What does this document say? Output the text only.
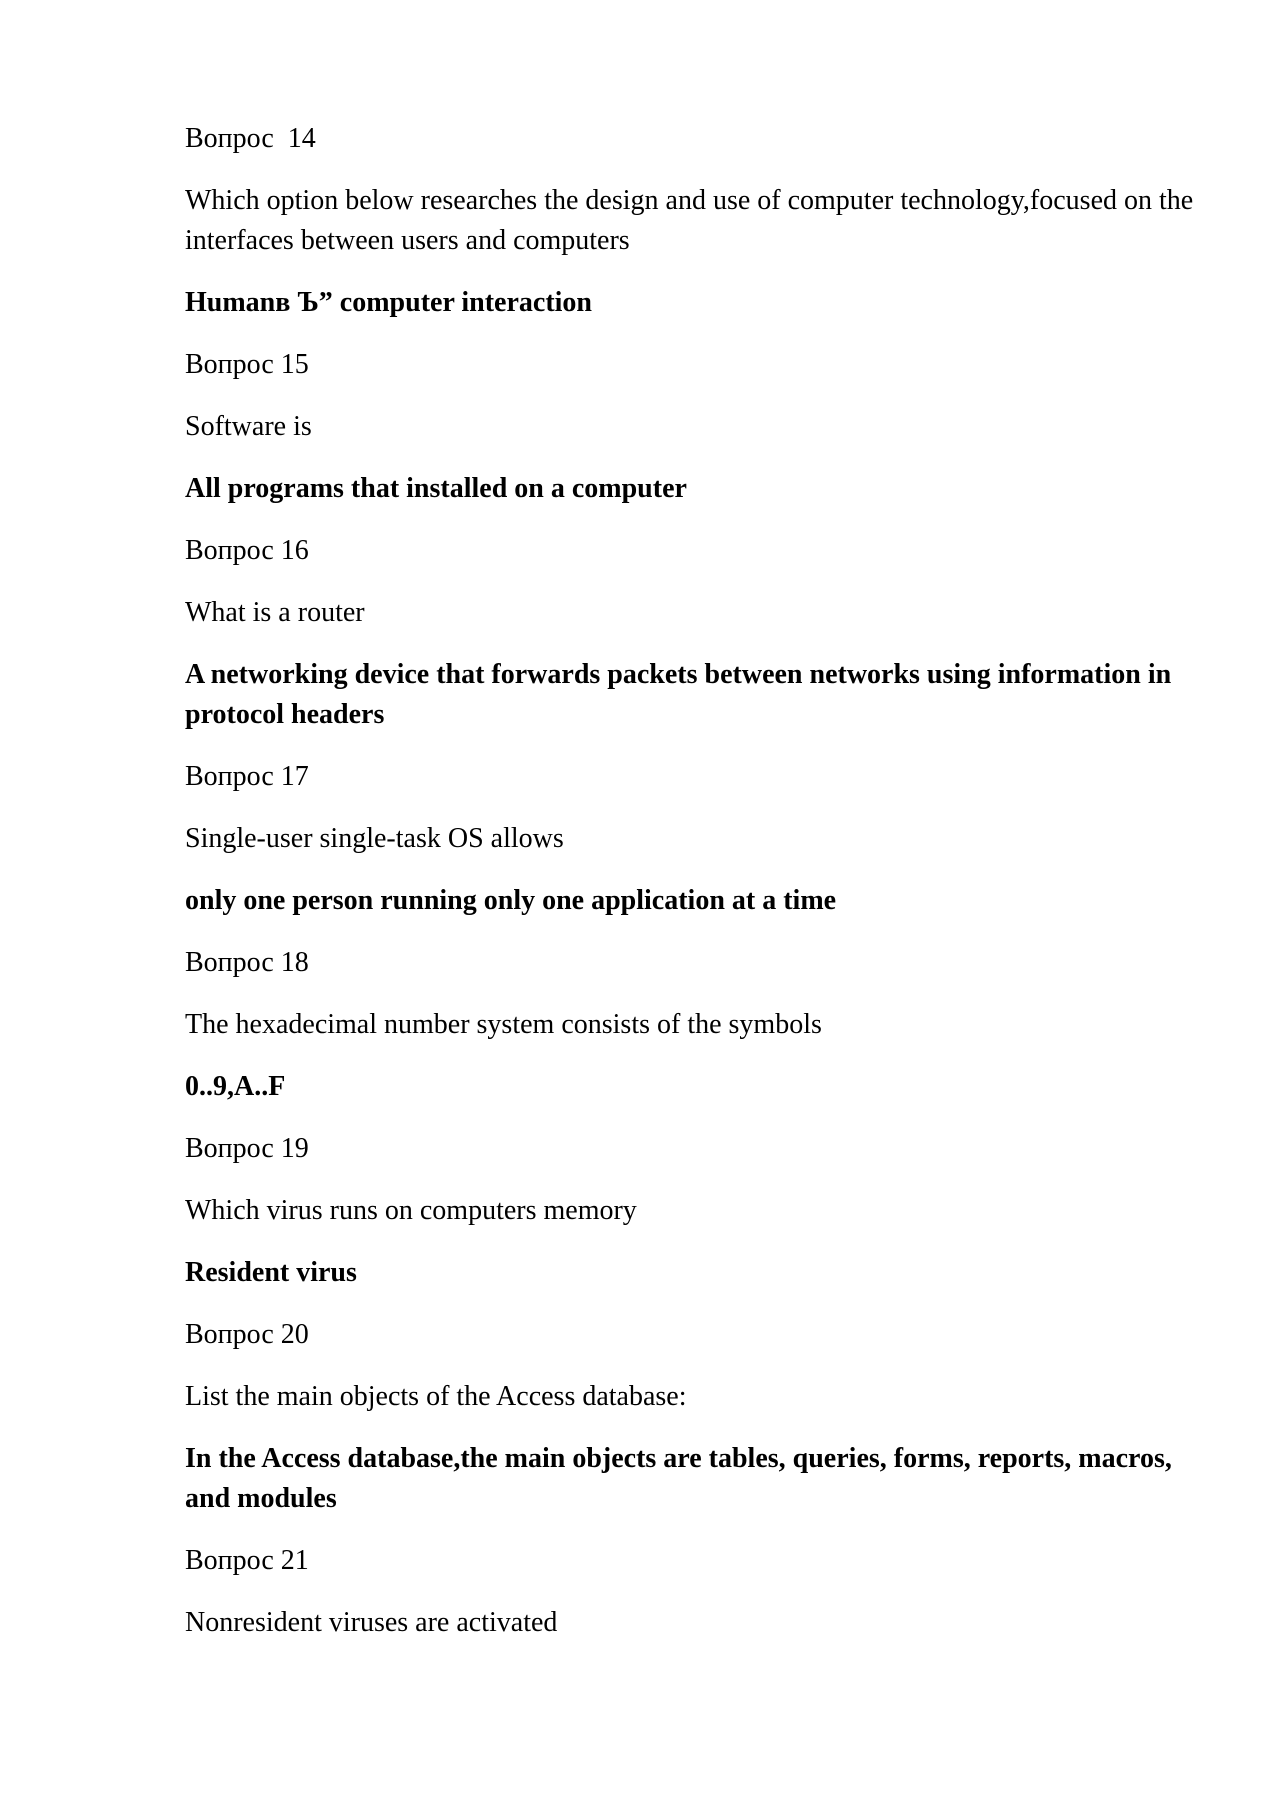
Вопрос  14

Which option below researches the design and use of computer technology,focused on the interfaces between users and computers

Humanв Ъ” computer interaction

Вопрос 15

Software is

All programs that installed on a computer

Вопрос 16

What is a router

A networking device that forwards packets between networks using information in protocol headers

Вопрос 17

Single-user single-task OS allows

only one person running only one application at a time

Вопрос 18

The hexadecimal number system consists of the symbols

0..9,A..F

Вопрос 19

Which virus runs on computers memory

Resident virus

Вопрос 20

List the main objects of the Access database:

In the Access database,the main objects are tables, queries, forms, reports, macros, and modules

Вопрос 21

Nonresident viruses are activated
